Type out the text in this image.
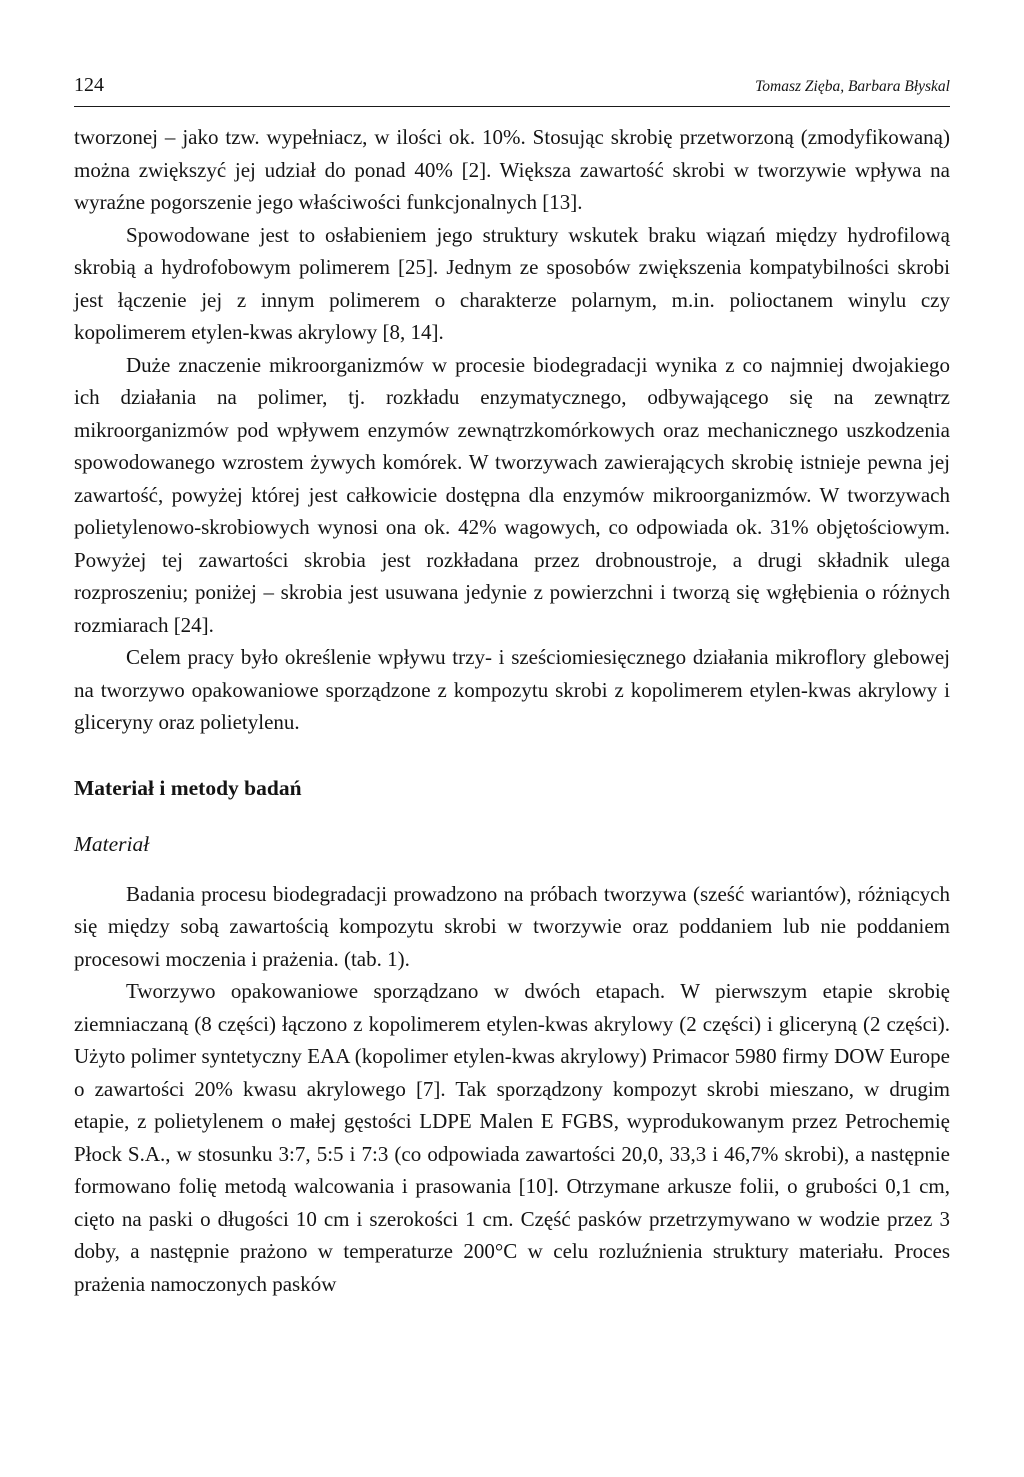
124	Tomasz Zięba, Barbara Błyskal

tworzonej – jako tzw. wypełniacz, w ilości ok. 10%. Stosując skrobię przetworzoną (zmodyfikowaną) można zwiększyć jej udział do ponad 40% [2]. Większa zawartość skrobi w tworzywie wpływa na wyraźne pogorszenie jego właściwości funkcjonalnych [13].

Spowodowane jest to osłabieniem jego struktury wskutek braku wiązań między hydrofilową skrobią a hydrofobowym polimerem [25]. Jednym ze sposobów zwiększenia kompatybilności skrobi jest łączenie jej z innym polimerem o charakterze polarnym, m.in. polioctanem winylu czy kopolimerem etylen-kwas akrylowy [8, 14].

Duże znaczenie mikroorganizmów w procesie biodegradacji wynika z co najmniej dwojakiego ich działania na polimer, tj. rozkładu enzymatycznego, odbywającego się na zewnątrz mikroorganizmów pod wpływem enzymów zewnątrzkomórkowych oraz mechanicznego uszkodzenia spowodowanego wzrostem żywych komórek. W tworzywach zawierających skrobię istnieje pewna jej zawartość, powyżej której jest całkowicie dostępna dla enzymów mikroorganizmów. W tworzywach polietylenowo-skrobiowych wynosi ona ok. 42% wagowych, co odpowiada ok. 31% objętościowym. Powyżej tej zawartości skrobia jest rozkładana przez drobnoustroje, a drugi składnik ulega rozproszeniu; poniżej – skrobia jest usuwana jedynie z powierzchni i tworzą się wgłębienia o różnych rozmiarach [24].

Celem pracy było określenie wpływu trzy- i sześciomiesięcznego działania mikroflory glebowej na tworzywo opakowaniowe sporządzone z kompozytu skrobi z kopolimerem etylen-kwas akrylowy i gliceryny oraz polietylenu.

Materiał i metody badań
Materiał

Badania procesu biodegradacji prowadzono na próbach tworzywa (sześć wariantów), różniących się między sobą zawartością kompozytu skrobi w tworzywie oraz poddaniem lub nie poddaniem procesowi moczenia i prażenia. (tab. 1).

Tworzywo opakowaniowe sporządzano w dwóch etapach. W pierwszym etapie skrobię ziemniaczaną (8 części) łączono z kopolimerem etylen-kwas akrylowy (2 części) i gliceryną (2 części). Użyto polimer syntetyczny EAA (kopolimer etylen-kwas akrylowy) Primacor 5980 firmy DOW Europe o zawartości 20% kwasu akrylowego [7]. Tak sporządzony kompozyt skrobi mieszano, w drugim etapie, z polietylenem o małej gęstości LDPE Malen E FGBS, wyprodukowanym przez Petrochemię Płock S.A., w stosunku 3:7, 5:5 i 7:3 (co odpowiada zawartości 20,0, 33,3 i 46,7% skrobi), a następnie formowano folię metodą walcowania i prasowania [10]. Otrzymane arkusze folii, o grubości 0,1 cm, cięto na paski o długości 10 cm i szerokości 1 cm. Część pasków przetrzymywano w wodzie przez 3 doby, a następnie prażono w temperaturze 200°C w celu rozluźnienia struktury materiału. Proces prażenia namoczonych pasków
